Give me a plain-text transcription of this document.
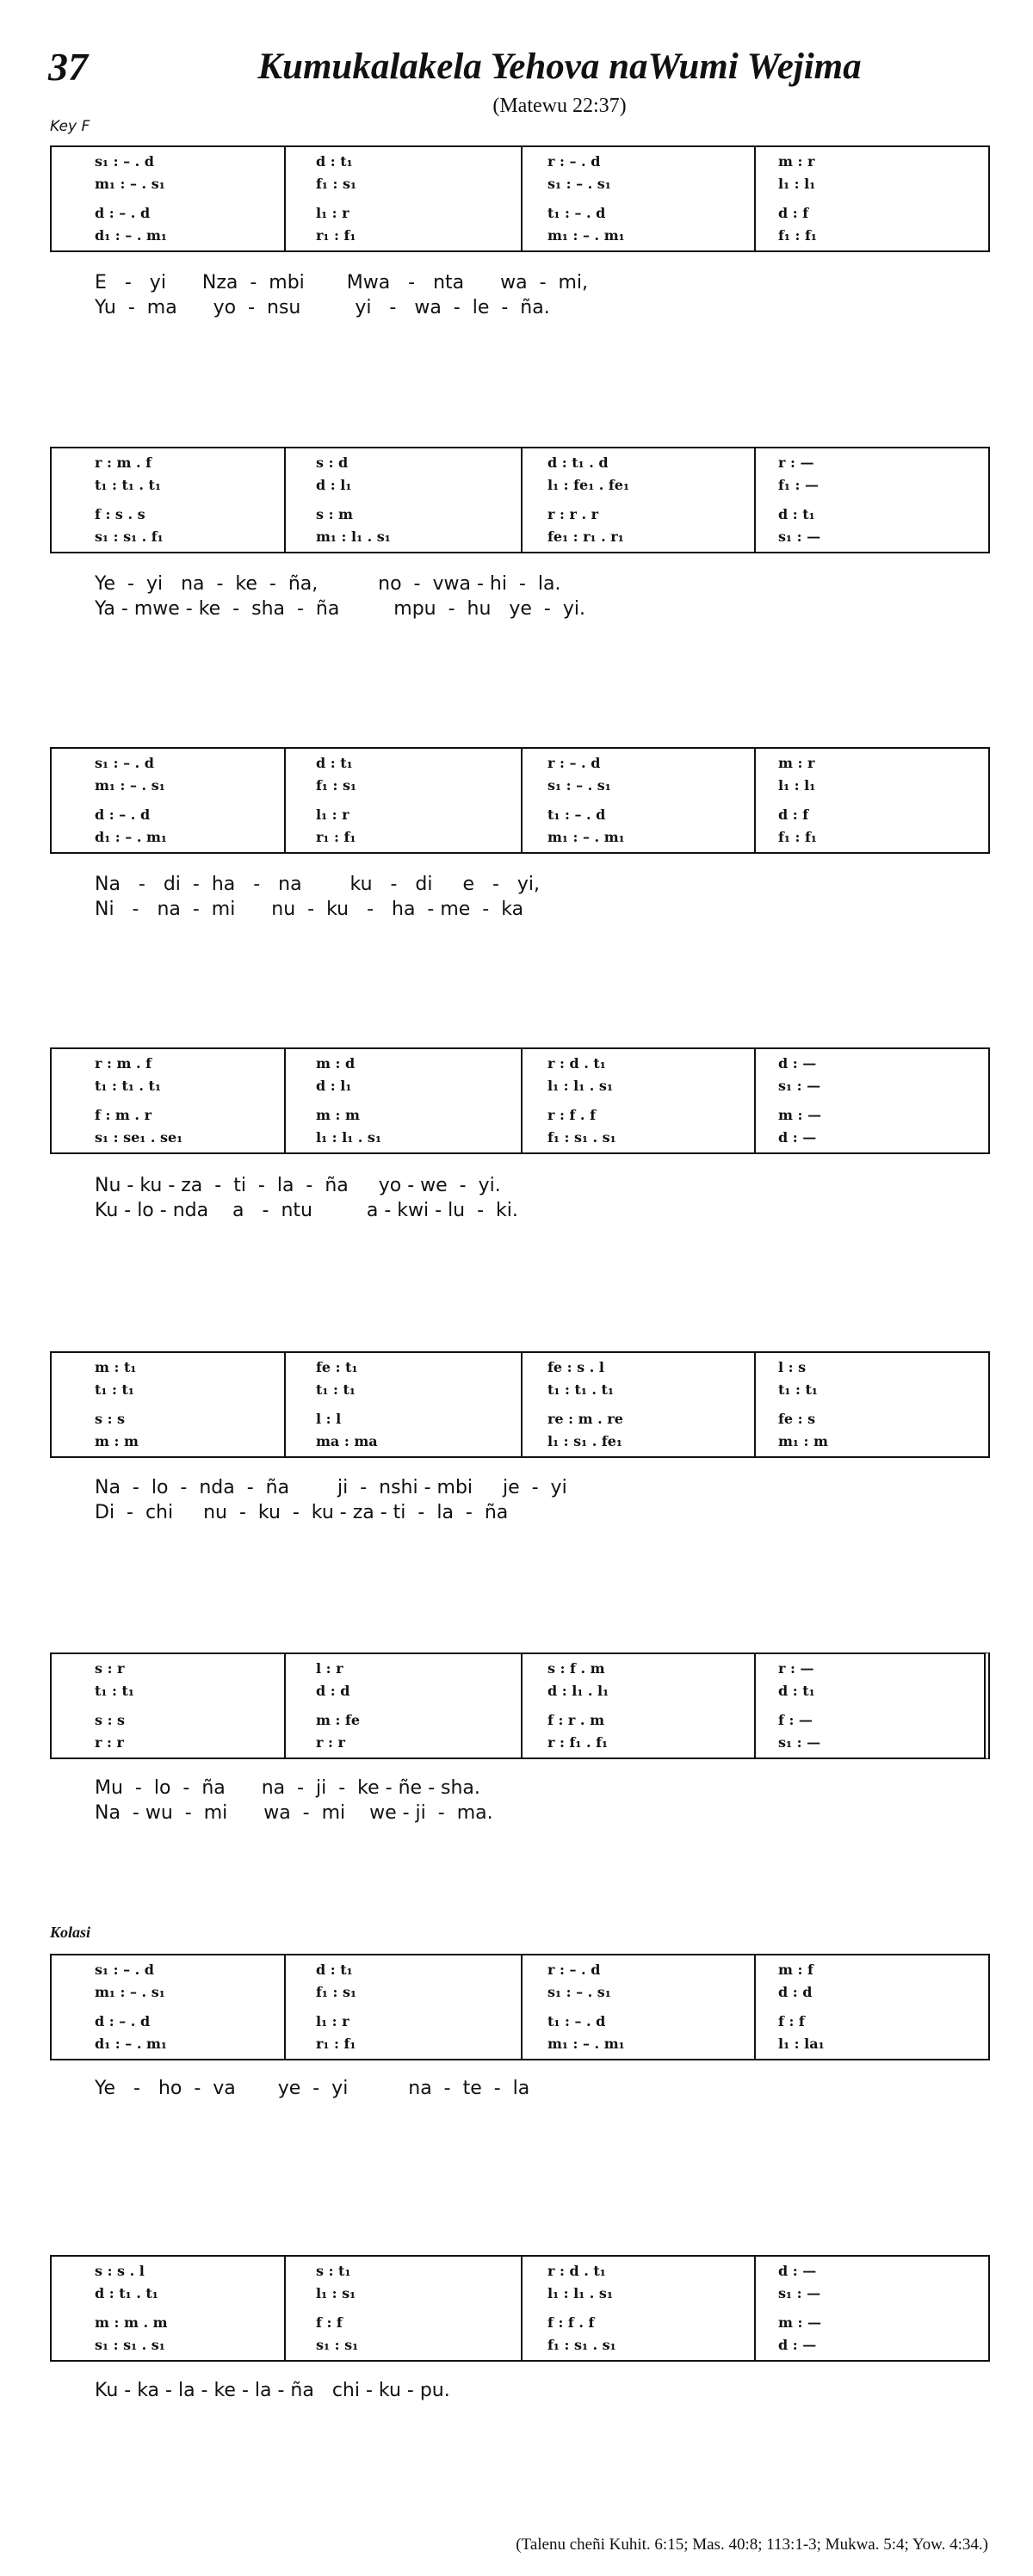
37	Kumukalakela Yehova naWumi Wejima
(Matewu 22:37)
Key F
Kolasi
s₁ : – . d	d : t₁	r : – . d	m : r
m₁ : – . s₁	f₁ : s₁	s₁ : – . s₁	l₁ : l₁
d : – . d	l₁ : r	t₁ : – . d	d : f
d₁ : – . m₁	r₁ : f₁	m₁ : – . m₁	f₁ : f₁
E   -   yi      Nza  -  mbi       Mwa   -   nta      wa  -  mi,
Yu  -  ma      yo  -  nsu         yi   -   wa  -  le  -  ña.
r : m . f	s : d	d : t₁ . d	r : —
t₁ : t₁ . t₁	d : l₁	l₁ : fe₁ . fe₁	f₁ : —
f : s . s	s : m	r : r . r	d : t₁
s₁ : s₁ . f₁	m₁ : l₁ . s₁	fe₁ : r₁ . r₁	s₁ : —
Ye  -  yi   na  -  ke  -  ña,          no  -  vwa - hi  -  la.
Ya - mwe - ke  -  sha  -  ña         mpu  -  hu   ye  -  yi.
s₁ : – . d	d : t₁	r : – . d	m : r
m₁ : – . s₁	f₁ : s₁	s₁ : – . s₁	l₁ : l₁
d : – . d	l₁ : r	t₁ : – . d	d : f
d₁ : – . m₁	r₁ : f₁	m₁ : – . m₁	f₁ : f₁
Na   -   di  -  ha   -   na        ku   -   di     e   -   yi,
Ni   -   na  -  mi      nu  -  ku   -   ha  - me  -  ka
r : m . f	m : d	r : d . t₁	d : —
t₁ : t₁ . t₁	d : l₁	l₁ : l₁ . s₁	s₁ : —
f : m . r	m : m	r : f . f	m : —
s₁ : se₁ . se₁	l₁ : l₁ . s₁	f₁ : s₁ . s₁	d : —
Nu - ku - za  -  ti  -  la  -  ña     yo - we  -  yi.
Ku - lo - nda    a   -  ntu         a - kwi - lu  -  ki.
m : t₁	fe : t₁	fe : s . l	l : s
t₁ : t₁	t₁ : t₁	t₁ : t₁ . t₁	t₁ : t₁
s : s	l : l	re : m . re	fe : s
m : m	ma : ma	l₁ : s₁ . fe₁	m₁ : m
Na  -  lo  -  nda  -  ña        ji  -  nshi - mbi     je  -  yi
Di  -  chi     nu  -  ku  -  ku - za - ti  -  la  -  ña
s : r	l : r	s : f . m	r : —
t₁ : t₁	d : d	d : l₁ . l₁	d : t₁
s : s	m : fe	f : r . m	f : —
r : r	r : r	r : f₁ . f₁	s₁ : —
Mu  -  lo  -  ña      na  -  ji  -  ke - ñe - sha.
Na  - wu  -  mi      wa  -  mi    we - ji  -  ma.
s₁ : – . d	d : t₁	r : – . d	m : f
m₁ : – . s₁	f₁ : s₁	s₁ : – . s₁	d : d
d : – . d	l₁ : r	t₁ : – . d	f : f
d₁ : – . m₁	r₁ : f₁	m₁ : – . m₁	l₁ : la₁
Ye   -   ho  -  va       ye  -  yi          na  -  te  -  la
s : s . l	s : t₁	r : d . t₁	d : —
d : t₁ . t₁	l₁ : s₁	l₁ : l₁ . s₁	s₁ : —
m : m . m	f : f	f : f . f	m : —
s₁ : s₁ . s₁	s₁ : s₁	f₁ : s₁ . s₁	d : —
Ku - ka - la - ke - la - ña   chi - ku - pu.
(Talenu cheñi Kuhit. 6:15; Mas. 40:8; 113:1-3; Mukwa. 5:4; Yow. 4:34.)
